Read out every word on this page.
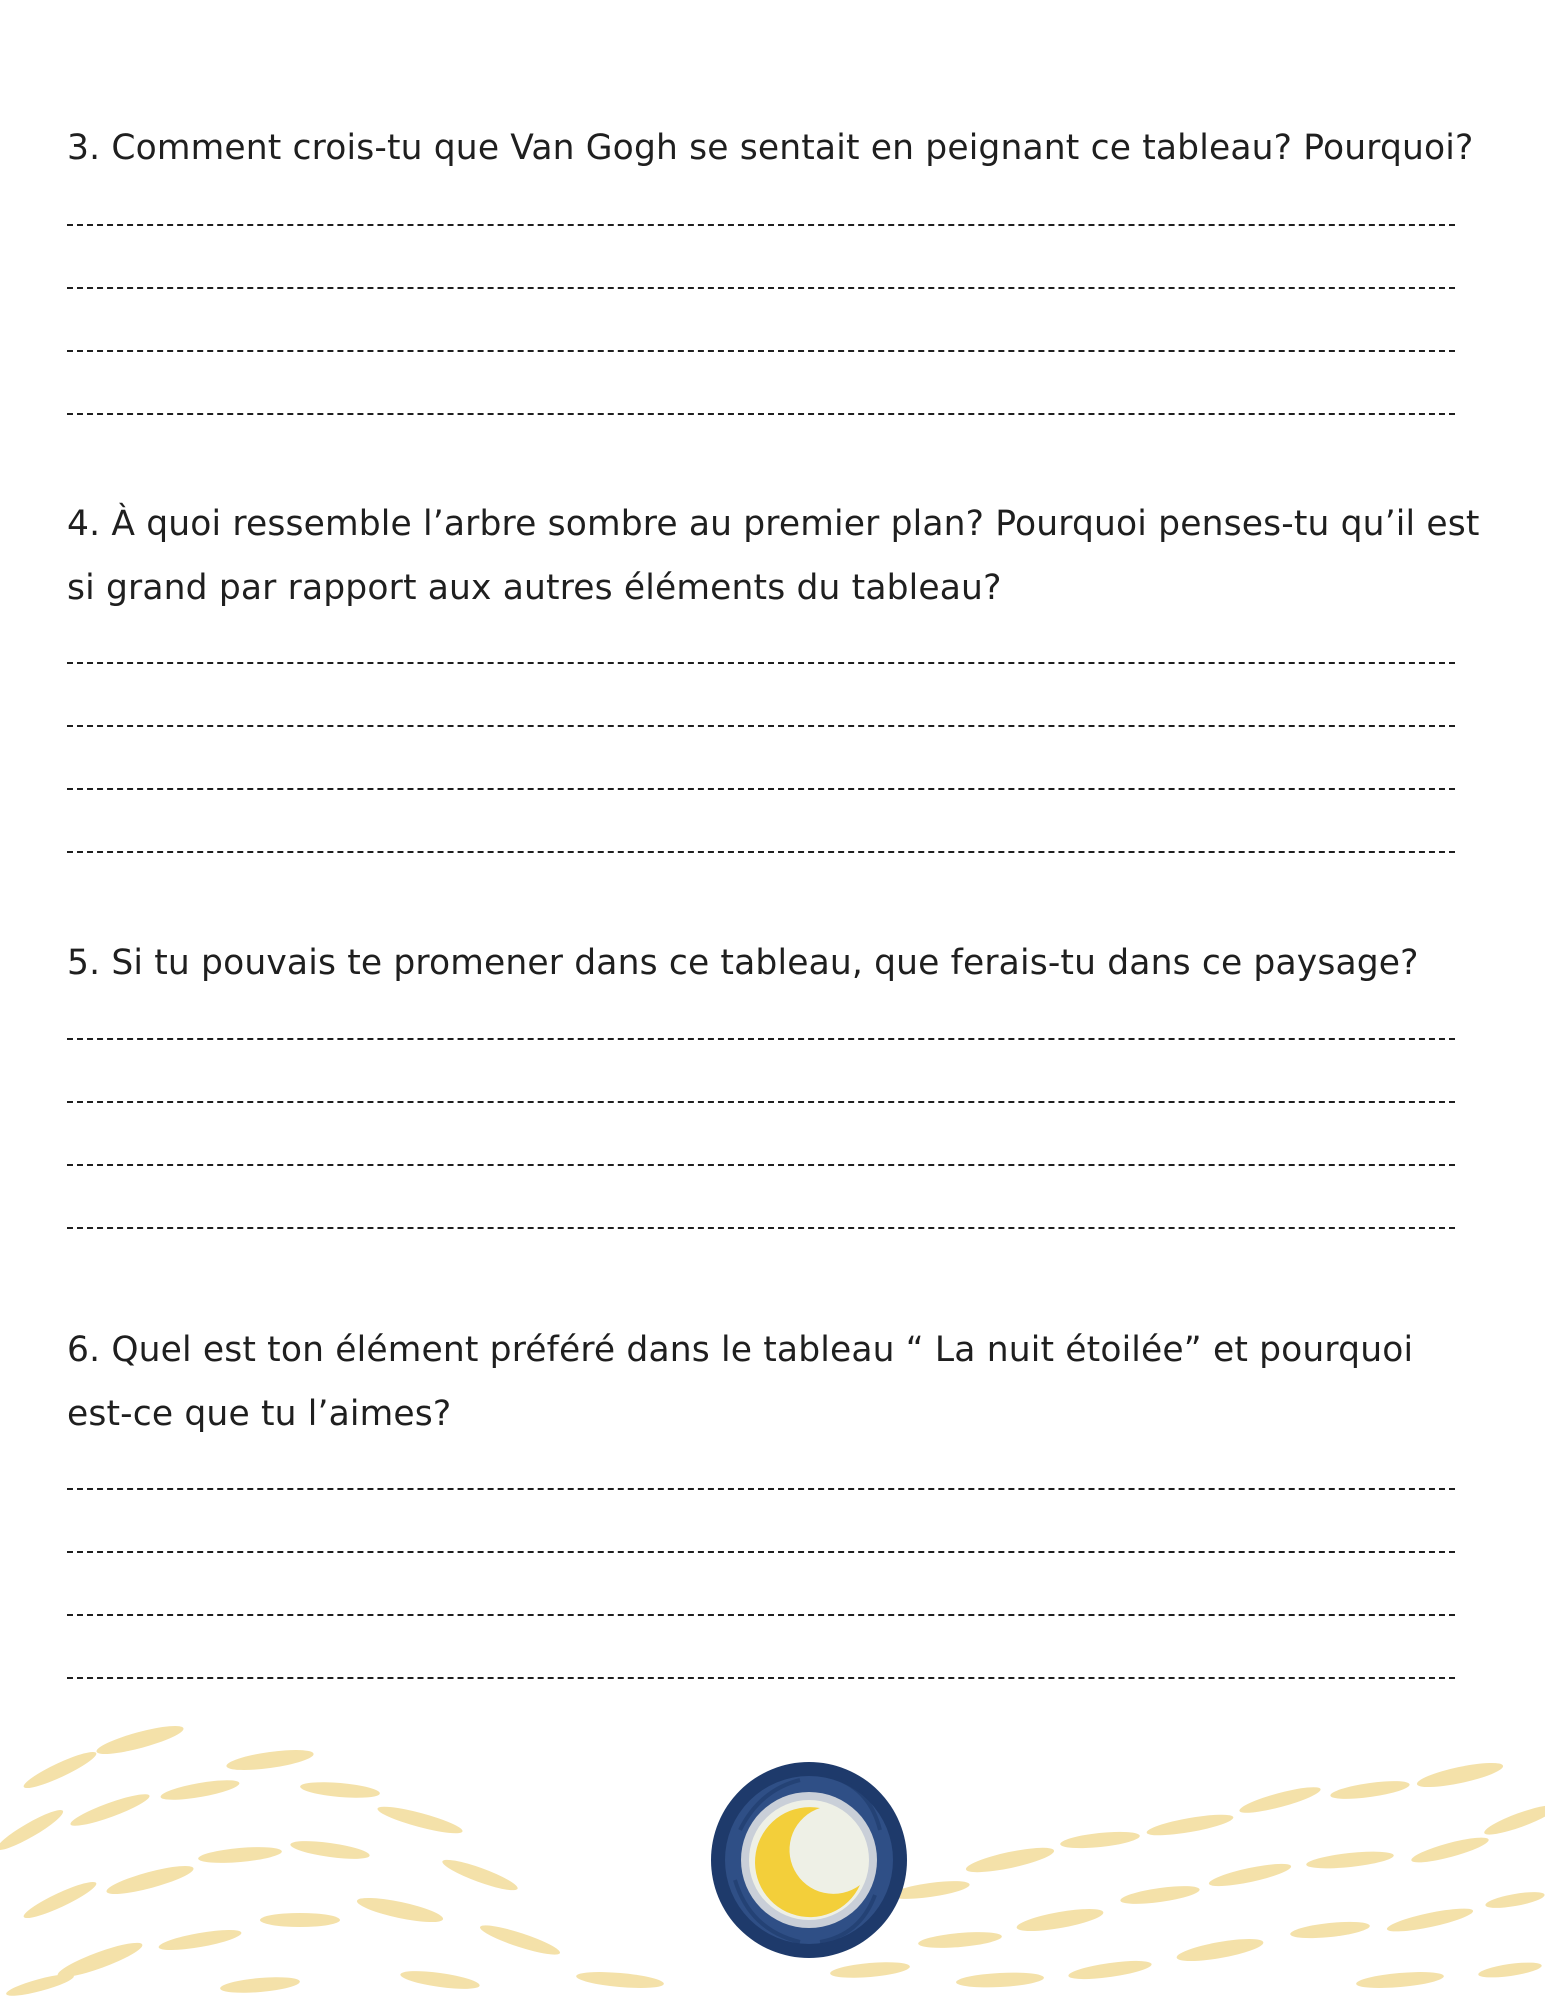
3. Comment crois-tu que Van Gogh se sentait en peignant ce tableau? Pourquoi?

4. À quoi ressemble l’arbre sombre au premier plan? Pourquoi penses-tu qu’il est si grand par rapport aux autres éléments du tableau?

5. Si tu pouvais te promener dans ce tableau, que ferais-tu dans ce paysage?

6. Quel est ton élément préféré dans le tableau “ La nuit étoilée” et pourquoi est-ce que tu l’aimes?
